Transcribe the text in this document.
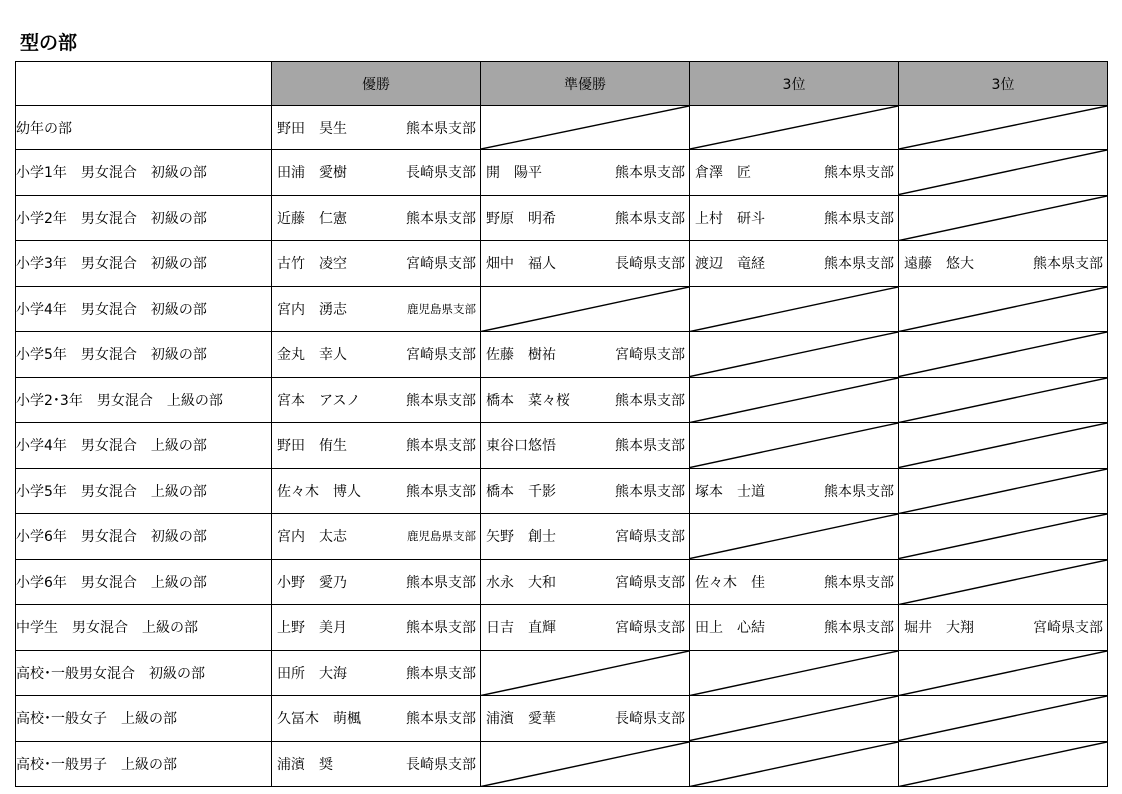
型の部
	優勝	準優勝	3位	3位
幼年の部	野田　昊生 熊本県支部

小学1年　男女混合　初級の部	田浦　愛樹 長崎県支部	開　陽平 熊本県支部	倉澤　匠 熊本県支部

小学2年　男女混合　初級の部	近藤　仁憲 熊本県支部	野原　明希 熊本県支部	上村　研斗 熊本県支部

小学3年　男女混合　初級の部	古竹　凌空 宮崎県支部	畑中　福人 長崎県支部	渡辺　竜経 熊本県支部	遠藤　悠大 熊本県支部

小学4年　男女混合　初級の部	宮内　湧志 鹿児島県支部

小学5年　男女混合　初級の部	金丸　幸人 宮崎県支部	佐藤　樹祐 宮崎県支部

小学2･3年　男女混合　上級の部	宮本　アスノ 熊本県支部	橋本　菜々桜 熊本県支部

小学4年　男女混合　上級の部	野田　侑生 熊本県支部	東谷口悠悟 熊本県支部

小学5年　男女混合　上級の部	佐々木　博人 熊本県支部	橋本　千影 熊本県支部	塚本　士道 熊本県支部

小学6年　男女混合　初級の部	宮内　太志 鹿児島県支部	矢野　創士 宮崎県支部

小学6年　男女混合　上級の部	小野　愛乃 熊本県支部	水永　大和 宮崎県支部	佐々木　佳 熊本県支部

中学生　男女混合　上級の部	上野　美月 熊本県支部	日吉　直輝 宮崎県支部	田上　心結 熊本県支部	堀井　大翔 宮崎県支部

高校･一般男女混合　初級の部	田所　大海 熊本県支部

高校･一般女子　上級の部	久冨木　萌楓 熊本県支部	浦濱　愛華 長崎県支部

高校･一般男子　上級の部	浦濱　奨 長崎県支部
